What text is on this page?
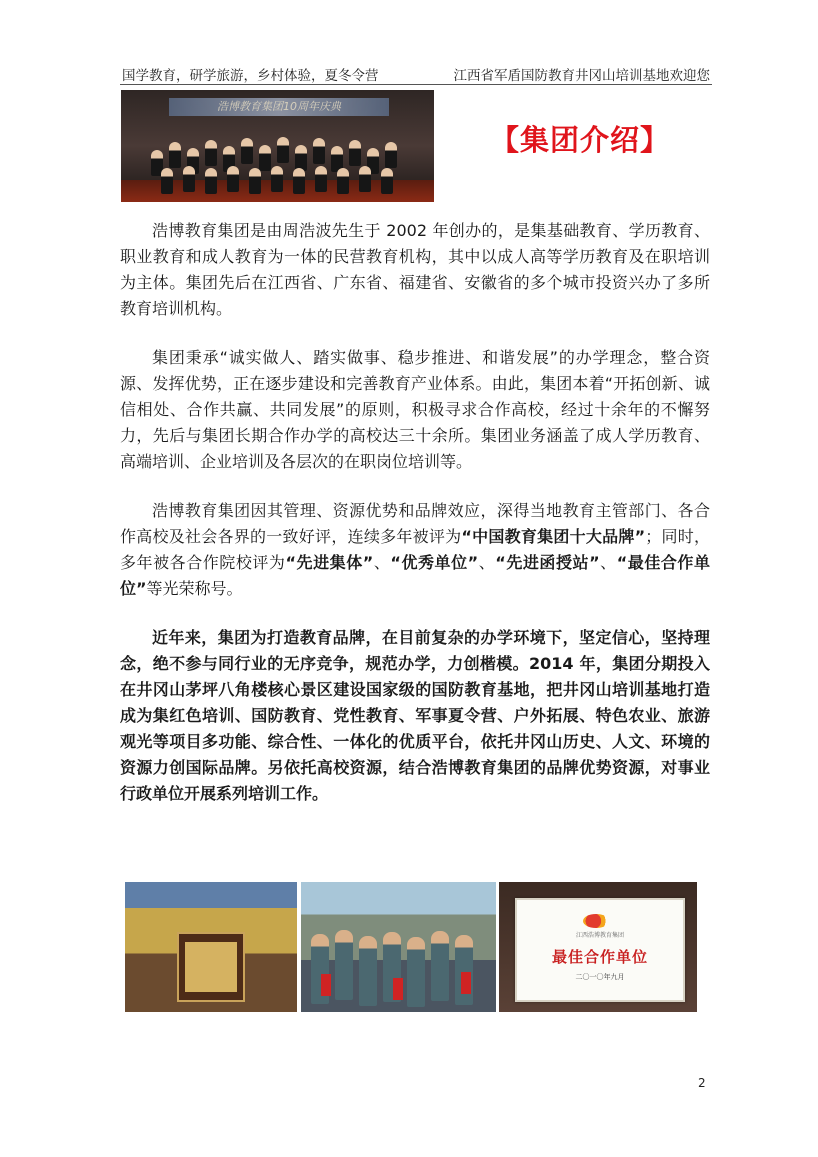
国学教育，研学旅游，乡村体验，夏冬令营	江西省军盾国防教育井冈山培训基地欢迎您
浩博教育集团10周年庆典
【集团介绍】

浩博教育集团是由周浩波先生于 2002 年创办的，是集基础教育、学历教育、职业教育和成人教育为一体的民营教育机构，其中以成人高等学历教育及在职培训为主体。集团先后在江西省、广东省、福建省、安徽省的多个城市投资兴办了多所教育培训机构。

集团秉承“诚实做人、踏实做事、稳步推进、和谐发展”的办学理念，整合资源、发挥优势，正在逐步建设和完善教育产业体系。由此，集团本着“开拓创新、诚信相处、合作共赢、共同发展”的原则，积极寻求合作高校，经过十余年的不懈努力，先后与集团长期合作办学的高校达三十余所。集团业务涵盖了成人学历教育、高端培训、企业培训及各层次的在职岗位培训等。

浩博教育集团因其管理、资源优势和品牌效应，深得当地教育主管部门、各合作高校及社会各界的一致好评，连续多年被评为“中国教育集团十大品牌”；同时，多年被各合作院校评为“先进集体”、“优秀单位”、“先进函授站”、“最佳合作单位”等光荣称号。

近年来，集团为打造教育品牌，在目前复杂的办学环境下，坚定信心，坚持理念，绝不参与同行业的无序竞争，规范办学，力创楷模。2014 年，集团分期投入在井冈山茅坪八角楼核心景区建设国家级的国防教育基地，把井冈山培训基地打造成为集红色培训、国防教育、党性教育、军事夏令营、户外拓展、特色农业、旅游观光等项目多功能、综合性、一体化的优质平台，依托井冈山历史、人文、环境的资源力创国际品牌。另依托高校资源，结合浩博教育集团的品牌优势资源，对事业行政单位开展系列培训工作。

江西浩博教育集团
最佳合作单位
二〇一〇年九月
2
